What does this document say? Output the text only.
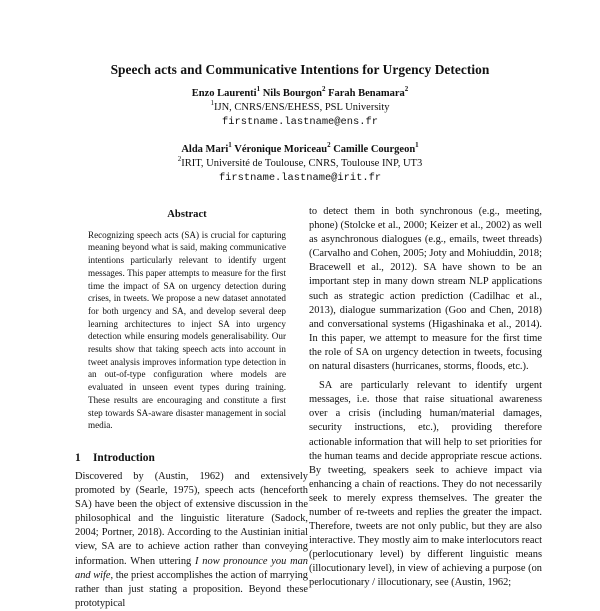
Speech acts and Communicative Intentions for Urgency Detection
Enzo Laurenti$^1$ Nils Bourgon$^2$ Farah Benamara$^2$
$^1$IJN, CNRS/ENS/EHESS, PSL University
firstname.lastname@ens.fr
Alda Mari$^1$ Véronique Moriceau$^2$ Camille Courgeon$^1$
$^2$IRIT, Université de Toulouse, CNRS, Toulouse INP, UT3
firstname.lastname@irit.fr
Abstract
Recognizing speech acts (SA) is crucial for capturing meaning beyond what is said, making communicative intentions particularly relevant to identify urgent messages. This paper attempts to measure for the first time the impact of SA on urgency detection during crises, in tweets. We propose a new dataset annotated for both urgency and SA, and develop several deep learning architectures to inject SA into urgency detection while ensuring models generalisability. Our results show that taking speech acts into account in tweet analysis improves information type detection in an out-of-type configuration where models are evaluated in unseen event types during training. These results are encouraging and constitute a first step towards SA-aware disaster management in social media.
1 Introduction

Discovered by (Austin, 1962) and extensively promoted by (Searle, 1975), speech acts (henceforth SA) have been the object of extensive discussion in the philosophical and the linguistic literature (Sadock, 2004; Portner, 2018). According to the Austinian initial view, SA are to achieve action rather than conveying information. When uttering I now pronounce you man and wife, the priest accomplishes the action of marrying rather than just stating a proposition. Beyond these prototypical

to detect them in both synchronous (e.g., meeting, phone) (Stolcke et al., 2000; Keizer et al., 2002) as well as asynchronous dialogues (e.g., emails, tweet threads) (Carvalho and Cohen, 2005; Joty and Mohiuddin, 2018; Bracewell et al., 2012). SA have shown to be an important step in many down stream NLP applications such as strategic action prediction (Cadilhac et al., 2013), dialogue summarization (Goo and Chen, 2018) and conversational systems (Higashinaka et al., 2014). In this paper, we attempt to measure for the first time the role of SA on urgency detection in tweets, focusing on natural disasters (hurricanes, storms, floods, etc.).

SA are particularly relevant to identify urgent messages, i.e. those that raise situational awareness over a crisis (including human/material damages, security instructions, etc.), providing therefore actionable information that will help to set priorities for the human teams and decide appropriate rescue actions. By tweeting, speakers seek to achieve impact via enhancing a chain of reactions. They do not necessarily seek to merely express themselves. The greater the number of re-tweets and replies the greater the impact. Therefore, tweets are not only public, but they are also interactive. They mostly aim to make interlocutors react (perlocutionary level) by different linguistic means (illocutionary level), in view of achieving a purpose (on perlocutionary / illocutionary, see (Austin, 1962;
